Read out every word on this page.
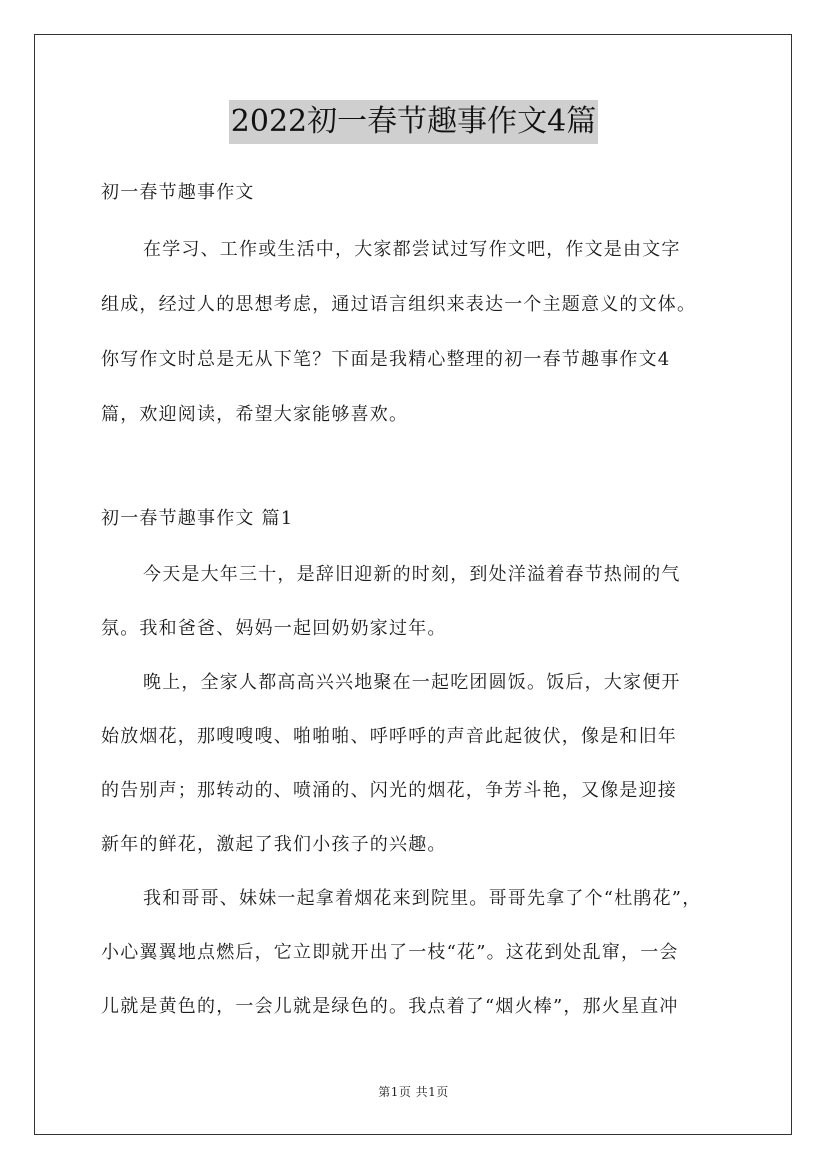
2022初一春节趣事作文4篇
初一春节趣事作文
在学习、工作或生活中，大家都尝试过写作文吧，作文是由文字
组成，经过人的思想考虑，通过语言组织来表达一个主题意义的文体。
你写作文时总是无从下笔？下面是我精心整理的初一春节趣事作文4
篇，欢迎阅读，希望大家能够喜欢。
初一春节趣事作文 篇1
今天是大年三十，是辞旧迎新的时刻，到处洋溢着春节热闹的气
氛。我和爸爸、妈妈一起回奶奶家过年。
晚上，全家人都高高兴兴地聚在一起吃团圆饭。饭后，大家便开
始放烟花，那嗖嗖嗖、啪啪啪、呼呼呼的声音此起彼伏，像是和旧年
的告别声；那转动的、喷涌的、闪光的烟花，争芳斗艳，又像是迎接
新年的鲜花，激起了我们小孩子的兴趣。
我和哥哥、妹妹一起拿着烟花来到院里。哥哥先拿了个“杜鹃花”，
小心翼翼地点燃后，它立即就开出了一枝“花”。这花到处乱窜，一会
儿就是黄色的，一会儿就是绿色的。我点着了“烟火棒”，那火星直冲
第1页 共1页
